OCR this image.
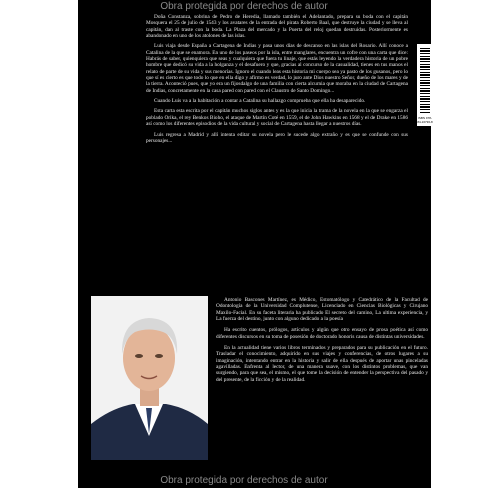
Doña Constanza, sobrina de Pedro de Heredia, llamado también el Adelantado, prepara su boda con el capitán Mosquera el 25 de julio de 1543 y los avatares de la entrada del pirata Roberto Baal, que destruye la ciudad y se lleva al capitán, dan al traste con la boda. La Plaza del mercado y la Puerta del reloj quedan destruidas. Posteriormente es abandonado en uno de los atolones de las islas.

Luis viaja desde España a Cartagena de Indias y pasa unos días de descanso en las islas del Rosario. Allí conoce a Catalina de la que se enamora. En uno de los paseos por la isla, entre manglares, encuentra un cofre con una carta que dice: Habrás de saber, quienquiera que seas y cualquiera que fuera tu linaje, que estás leyendo la verdadera historia de un pobre hombre que dedicó su vida a la holganza y el desafuero y que, gracias al concurso de la casualidad, tienes en tus manos el relato de parte de su vida y sus menorías. Ignoro el cuando leas esta historia mi cuerpo sea ya pasto de los gusanos, pero lo que sí es cierto es que todo lo que en ella digo y afirmo es verdad, lo juro ante Dios nuestro Señor, dueño de los mares y de la tierra. Aconteció pues, que yo era un fijosdalgo de una familia con cierta alcurnia que moraba en la ciudad de Cartagena de Indias, concretamente en la casa pared con pared con el Claustro de Santo Domingo...

Cuando Luis va a la habitación a contar a Catalina su hallazgo comprueba que ella ha desaparecido.

Esta carta esta escrita por el capitán muchos siglos antes y es la que inicia la trama de la novela en la que se engarza el poblado Orika, el rey Benkos Bioho, el ataque de Martín Coté en 1559, el de John Hawkins en 1568 y el de Drake en 1586 así como los diferentes episodios de la vida cultural y social de Cartagena hasta llegar a nuestros días.

Luis regresa a Madrid y allí intenta editar su novela pero le sucede algo extraño y es que se confunde con sus personajes...

ISBN 978-84-16736-8

Antonio Bascones Martínez, es Médico, Estomatólogo y Catedrático de la Facultad de Odontología de la Universidad Complutense, Licenciado en Ciencias Biológicas y Cirujano Maxilo-Facial. En su faceta literaria ha publicado El secreto del camino, La ultima experiencia, y La fuerza del destino, junto con alguno dedicado a la poesía

Ha escrito cuentos, prólogos, artículos y algún que otro ensayo de prosa poética así como diferentes discursos en su toma de posesión de doctorado honoris causa de distintas universidades.

En la actualidad tiene varios libros terminados y preparados para su publicación en el futuro. Trasladar el conocimiento, adquirido en sus viajes y conferencias, de otros lugares a su imaginación, intentando entrar en la historia y salir de ella después de aportar unas pinceladas agavilladas. Enfrenta al lector, de una manera suave, con los distintos problemas, que van surgiendo, para que sea, el mismo, el que tome la decisión de entender la perspectiva del pasado y del presente, de la ficción y de la realidad.

Obra protegida por derechos de autor
Obra protegida por derechos de autor
